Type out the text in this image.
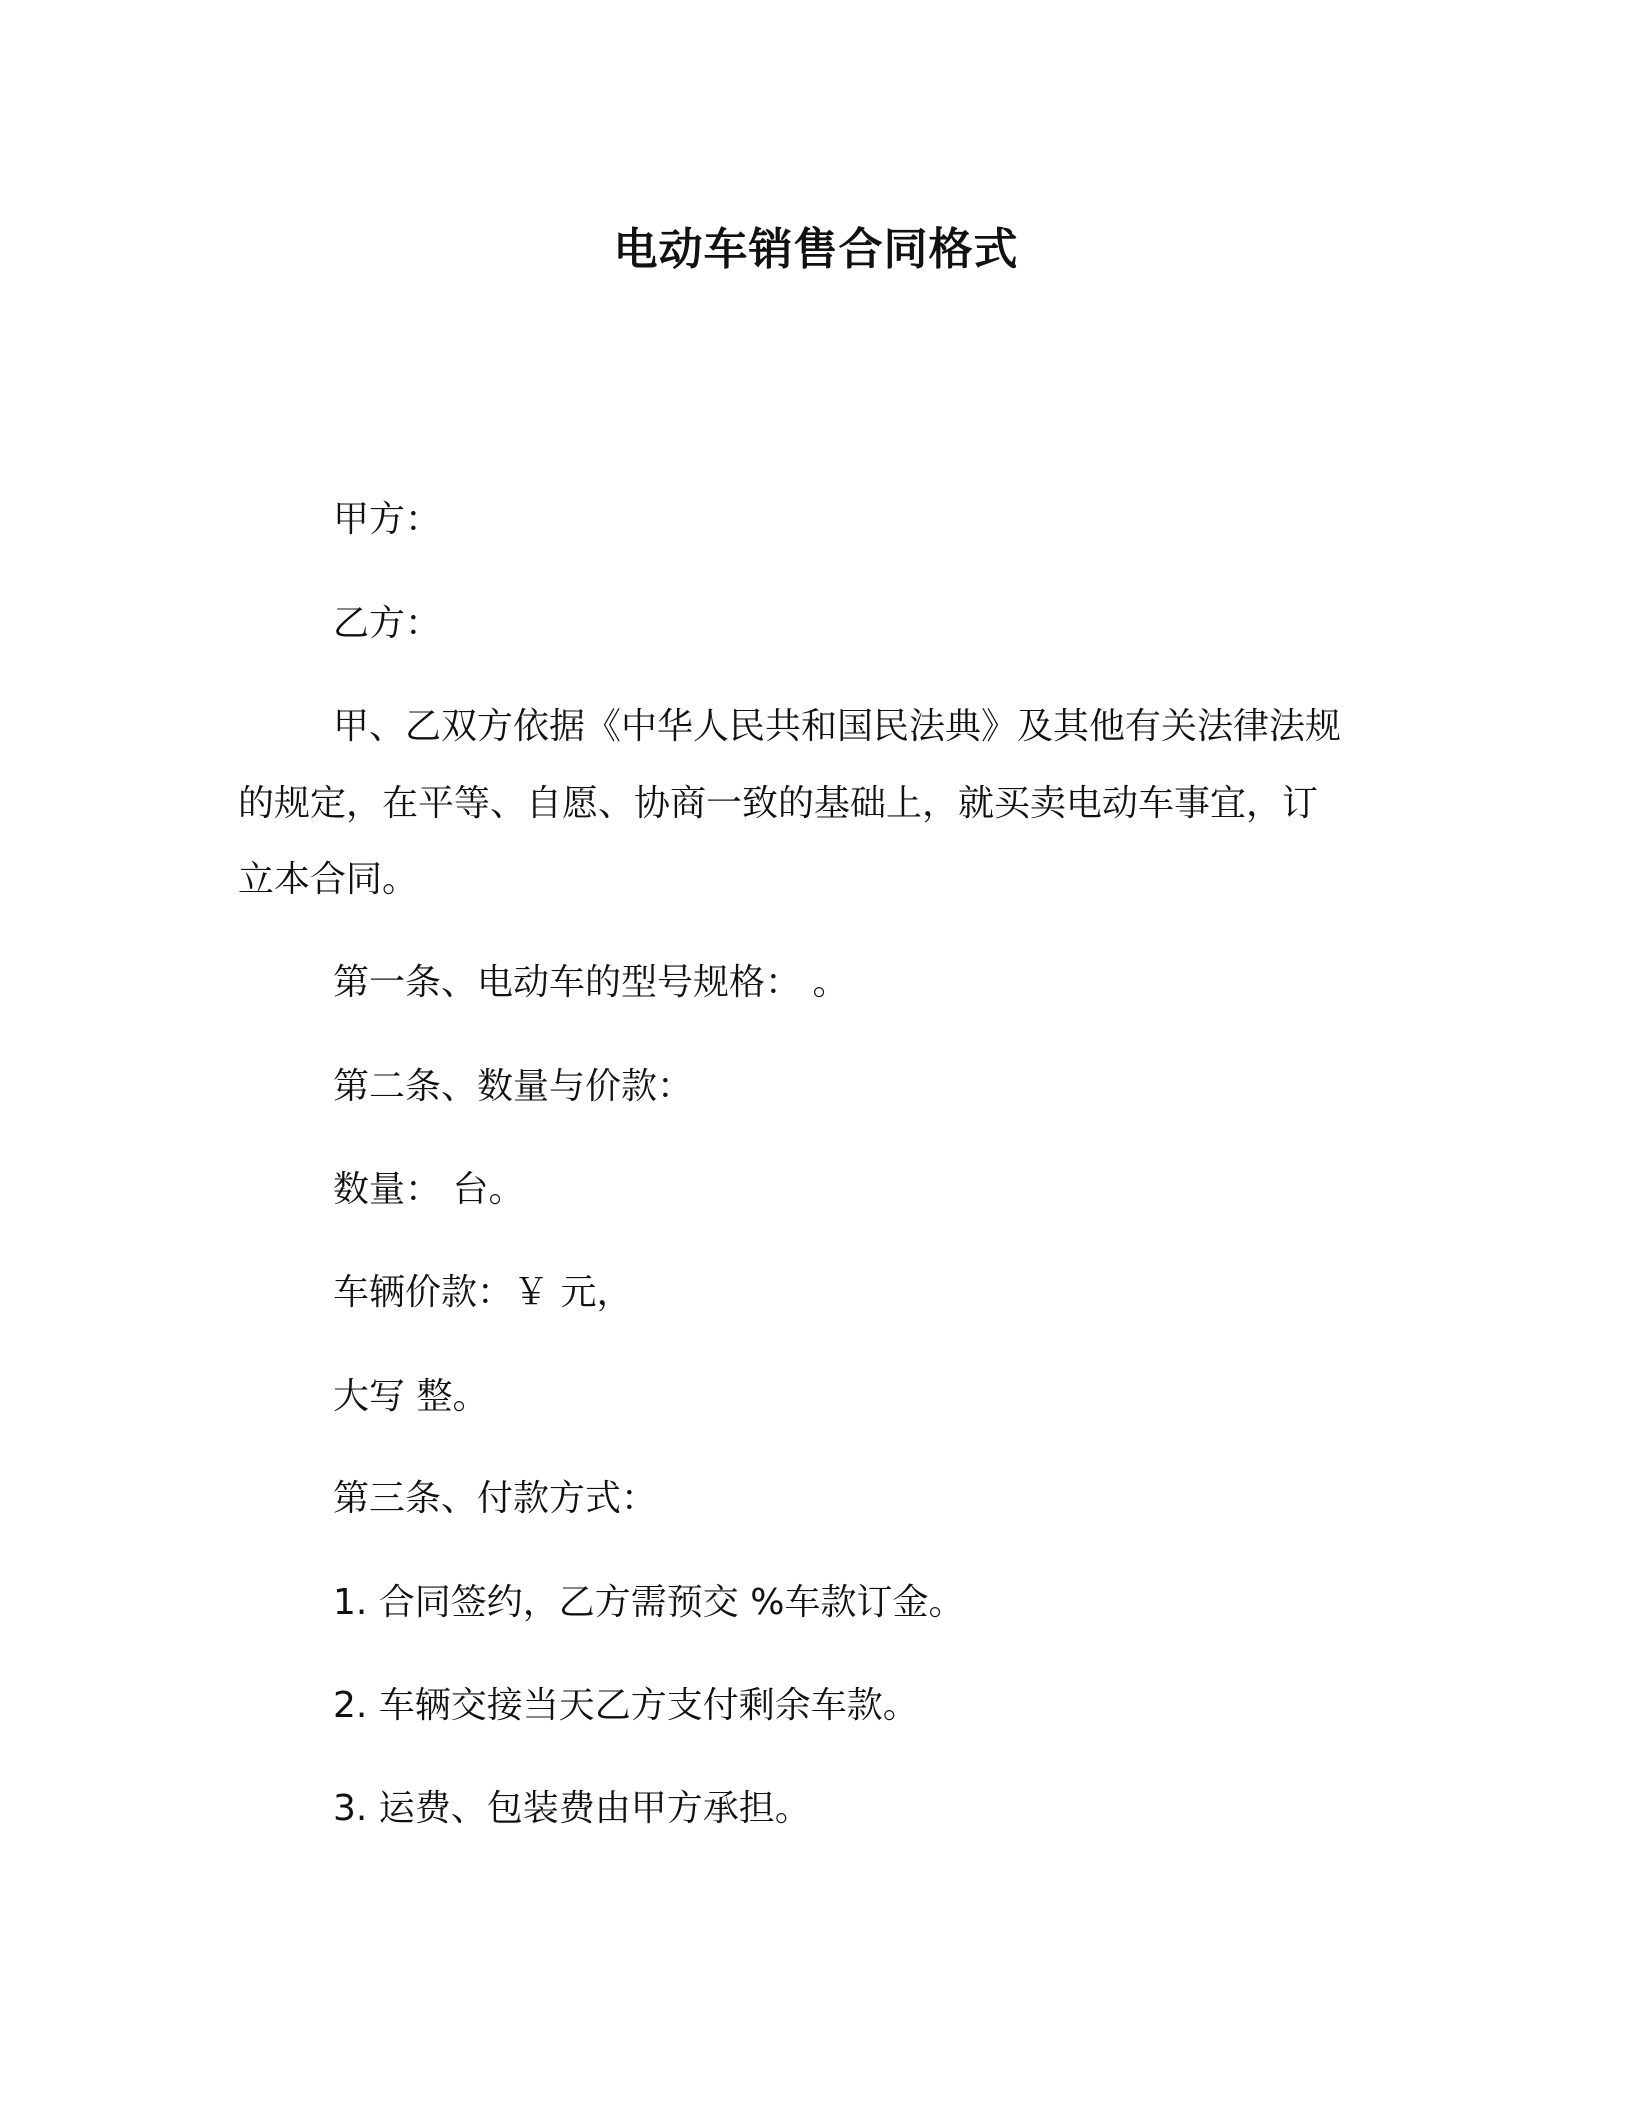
电动车销售合同格式

甲方：

乙方：

甲、乙双方依据《中华人民共和国民法典》及其他有关法律法规

的规定，在平等、自愿、协商一致的基础上，就买卖电动车事宜，订

立本合同。

第一条、电动车的型号规格： 。

第二条、数量与价款：

数量： 台。

车辆价款：￥ 元，

大写 整。

第三条、付款方式：

1. 合同签约，乙方需预交 %车款订金。

2. 车辆交接当天乙方支付剩余车款。

3. 运费、包装费由甲方承担。
